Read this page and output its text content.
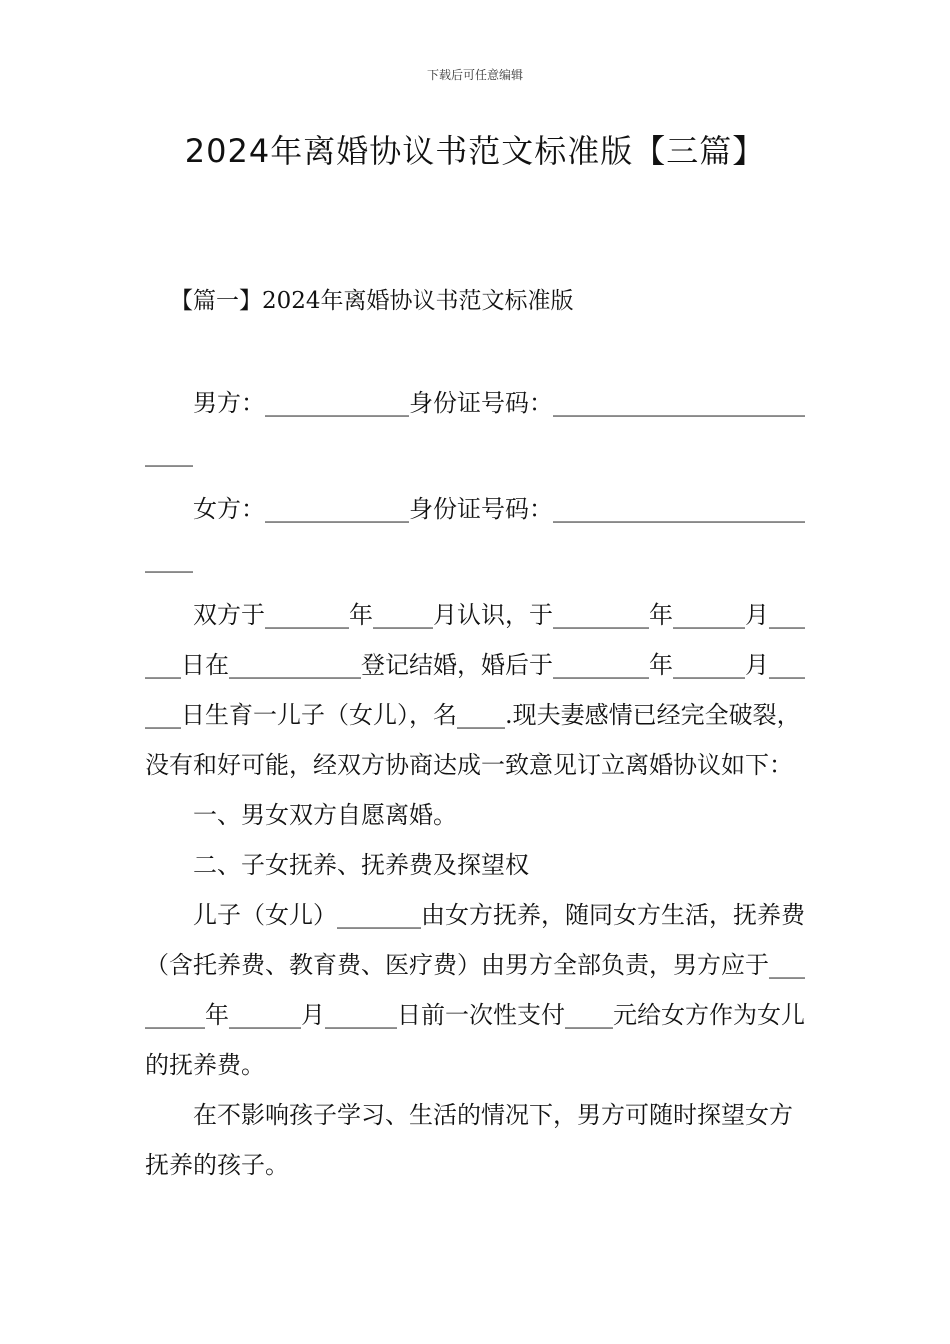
下载后可任意编辑
2024年离婚协议书范文标准版【三篇】
【篇一】2024年离婚协议书范文标准版

男方：____________身份证号码：_________________________

女方：____________身份证号码：_________________________

双方于_______年_____月认识，于________年______月______日在___________登记结婚，婚后于________年______月______日生育一儿子（女儿），名____.现夫妻感情已经完全破裂，没有和好可能，经双方协商达成一致意见订立离婚协议如下：

一、男女双方自愿离婚。

二、子女抚养、抚养费及探望权

儿子（女儿）_______由女方抚养，随同女方生活，抚养费（含托养费、教育费、医疗费）由男方全部负责，男方应于________年______月______日前一次性支付____元给女方作为女儿的抚养费。

在不影响孩子学习、生活的情况下，男方可随时探望女方抚养的孩子。
